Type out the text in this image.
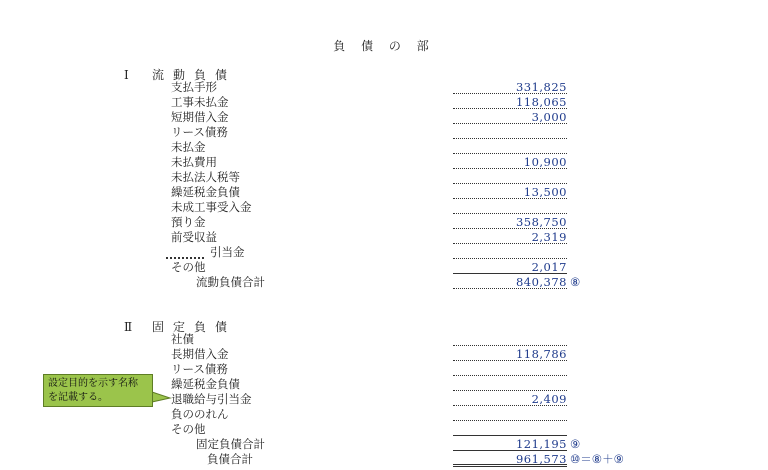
負 債 の 部
Ⅰ 流動負債
支払手形	331,825
工事未払金	118,065
短期借入金	3,000
リース債務
未払金
未払費用	10,900
未払法人税等
繰延税金負債	13,500
未成工事受入金
預り金	358,750
前受収益	2,319
引当金
その他	2,017
流動負債合計	840,378 ⑧
Ⅱ 固定負債
社債
長期借入金	118,786
リース債務
繰延税金負債
退職給与引当金	2,409
負ののれん
その他
固定負債合計	121,195 ⑨
負債合計	961,573 ⑩＝⑧＋⑨
設定目的を示す名称
を記載する。
